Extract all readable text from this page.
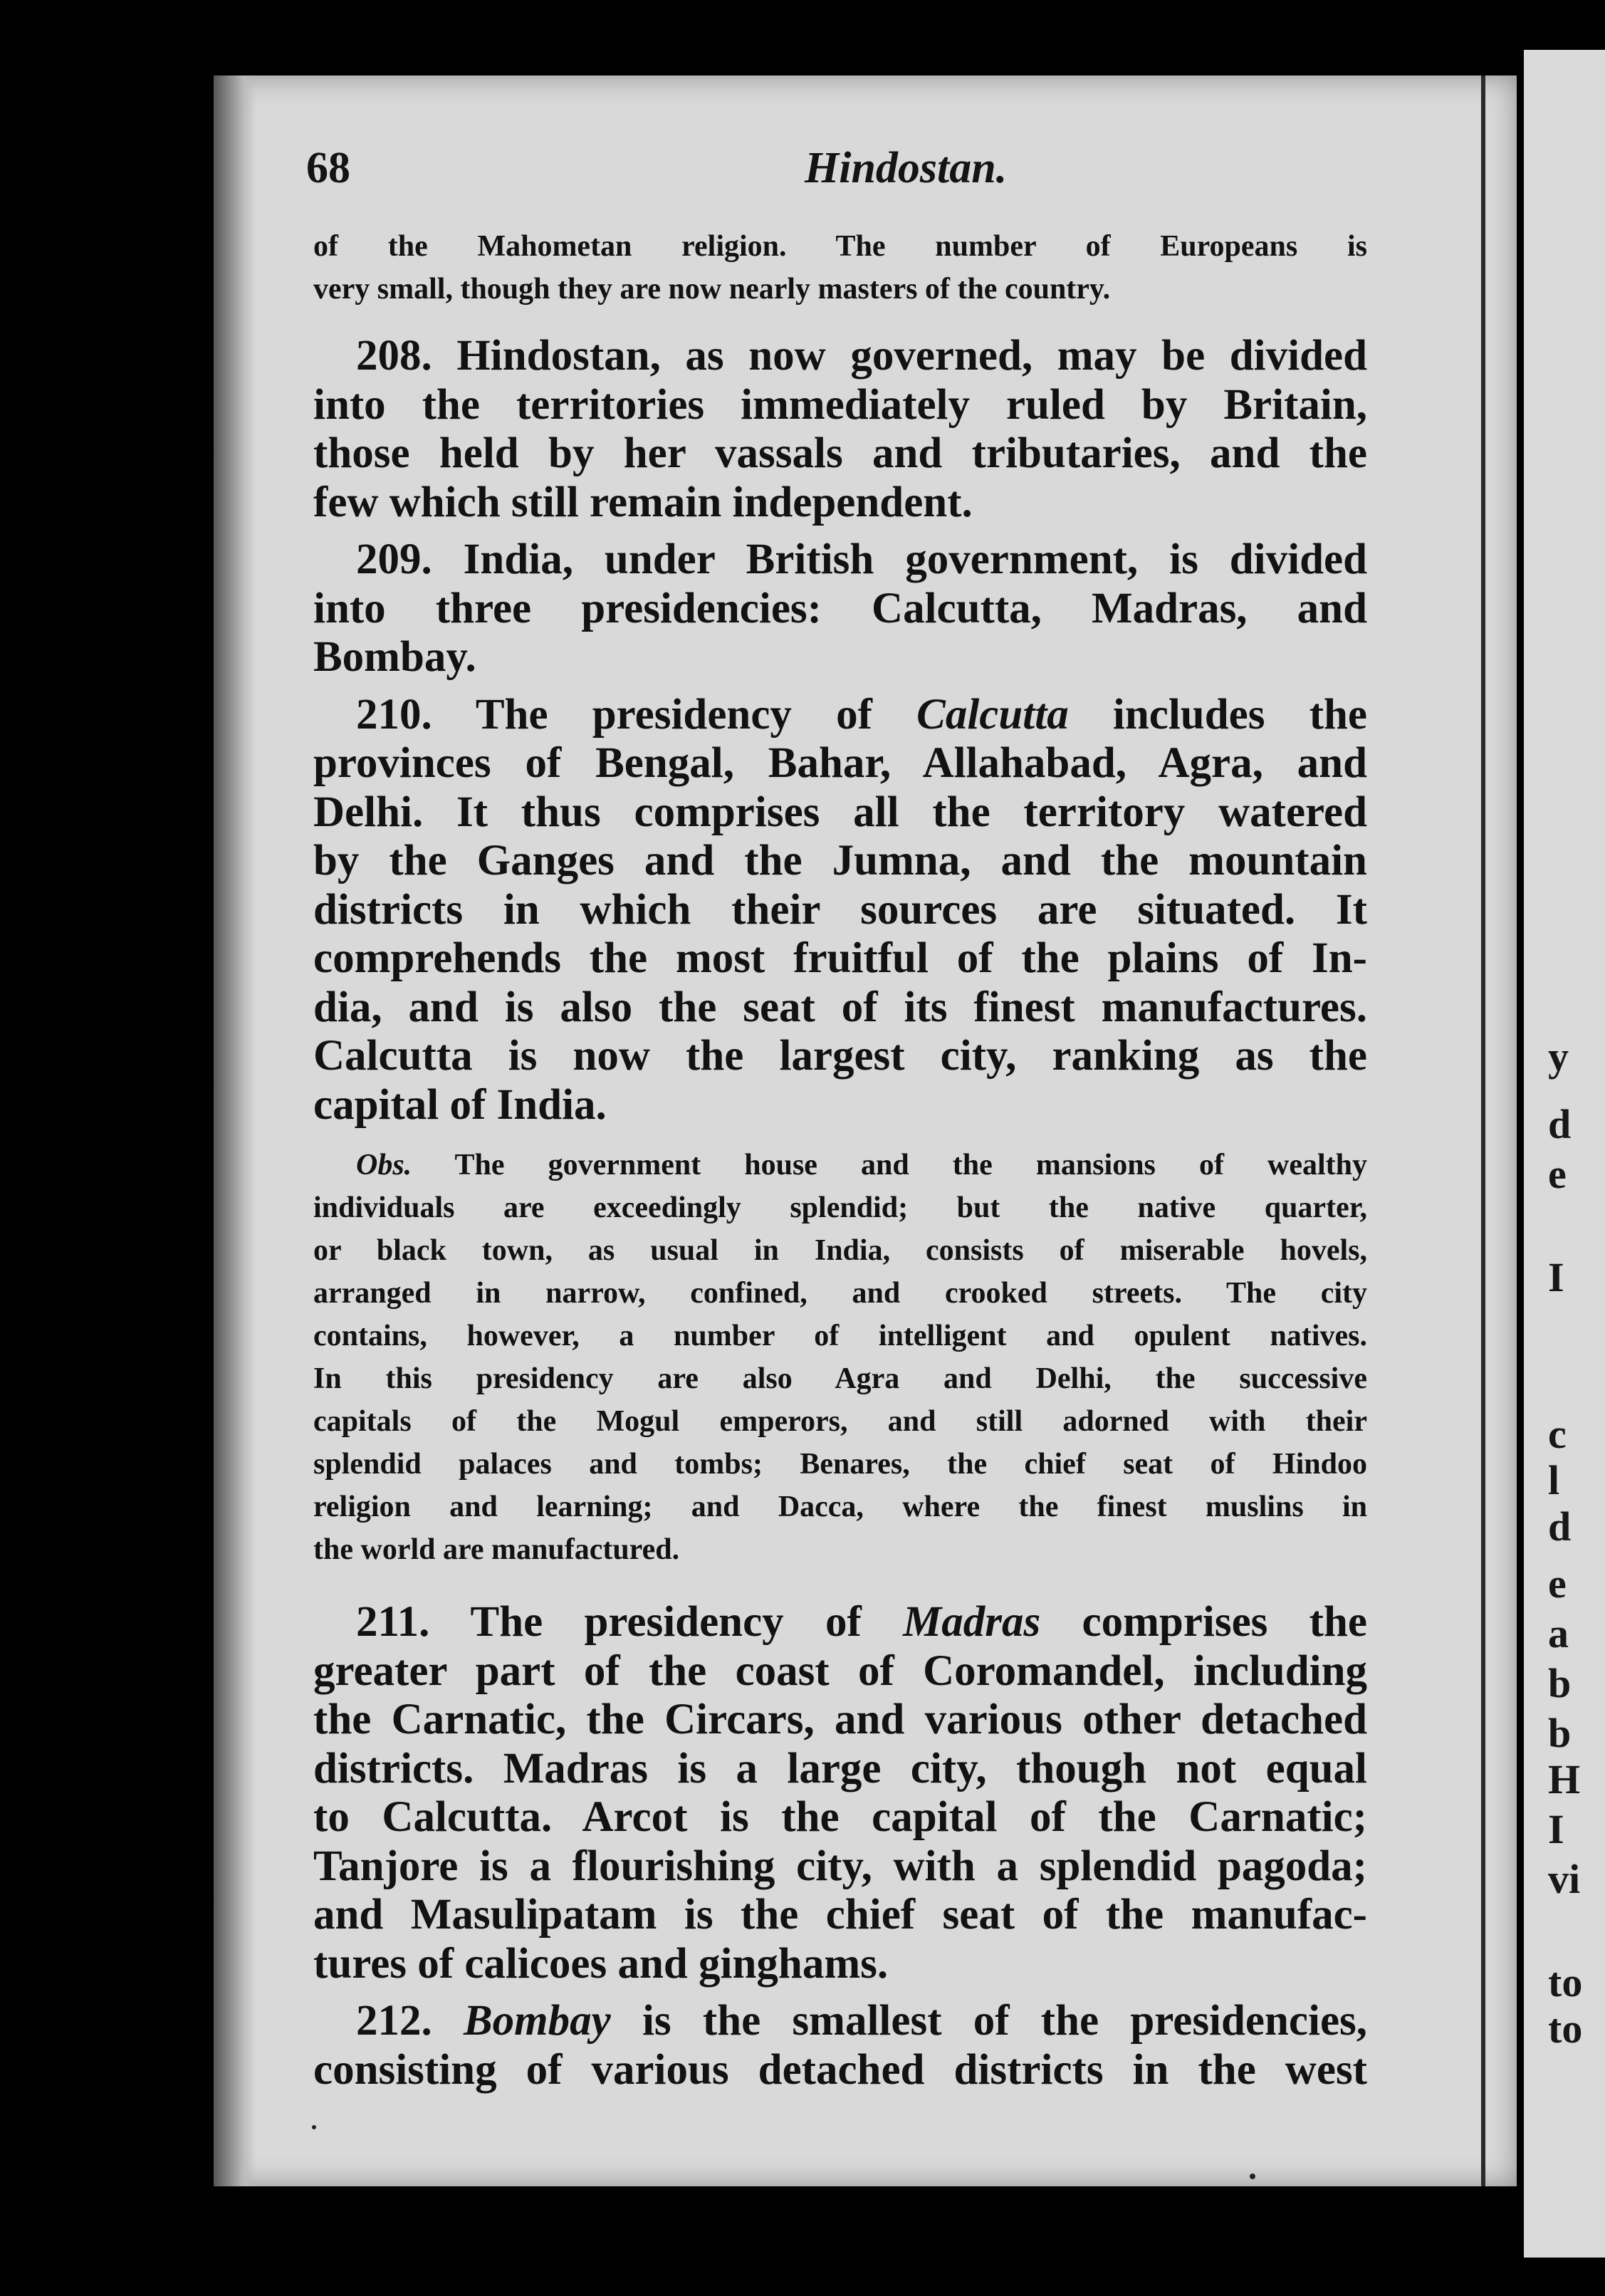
68	Hindostan.
of the Mahometan religion. The number of Europeans is
very small, though they are now nearly masters of the country.
208. Hindostan, as now governed, may be divided
into the territories immediately ruled by Britain,
those held by her vassals and tributaries, and the
few which still remain independent.
209. India, under British government, is divided
into three presidencies: Calcutta, Madras, and
Bombay.
210. The presidency of Calcutta includes the
provinces of Bengal, Bahar, Allahabad, Agra, and
Delhi. It thus comprises all the territory watered
by the Ganges and the Jumna, and the mountain
districts in which their sources are situated. It
comprehends the most fruitful of the plains of In-
dia, and is also the seat of its finest manufactures.
Calcutta is now the largest city, ranking as the
capital of India.
Obs. The government house and the mansions of wealthy
individuals are exceedingly splendid; but the native quarter,
or black town, as usual in India, consists of miserable hovels,
arranged in narrow, confined, and crooked streets. The city
contains, however, a number of intelligent and opulent natives.
In this presidency are also Agra and Delhi, the successive
capitals of the Mogul emperors, and still adorned with their
splendid palaces and tombs; Benares, the chief seat of Hindoo
religion and learning; and Dacca, where the finest muslins in
the world are manufactured.
211. The presidency of Madras comprises the
greater part of the coast of Coromandel, including
the Carnatic, the Circars, and various other detached
districts. Madras is a large city, though not equal
to Calcutta. Arcot is the capital of the Carnatic;
Tanjore is a flourishing city, with a splendid pagoda;
and Masulipatam is the chief seat of the manufac-
tures of calicoes and ginghams.
212. Bombay is the smallest of the presidencies,
consisting of various detached districts in the west
y
d
e
I
c
l
d
e
a
b
b
H
I
vi
to
to
